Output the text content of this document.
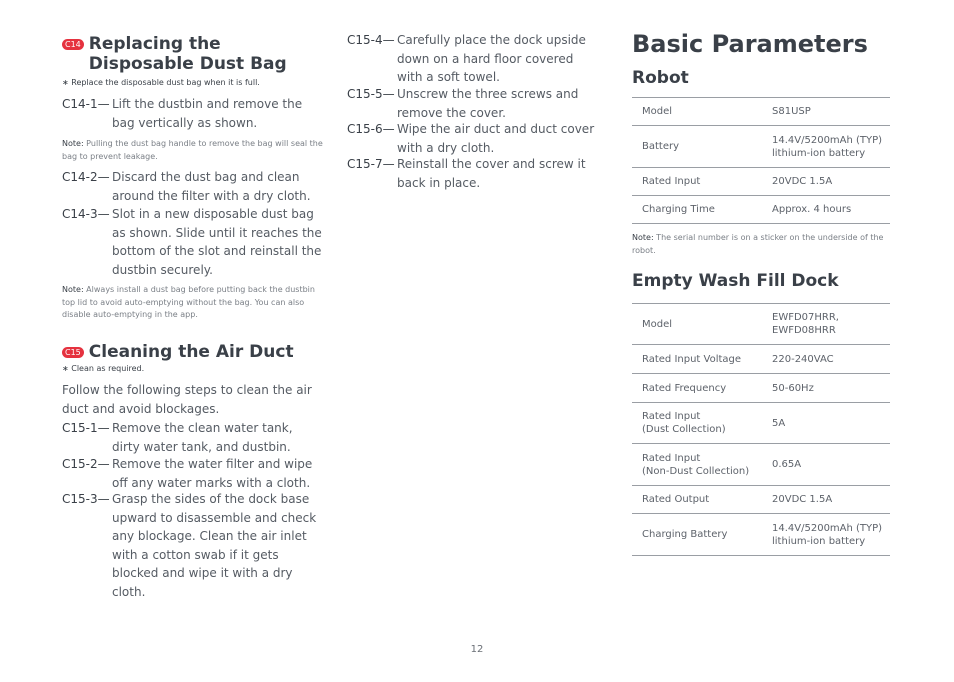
C14 Replacing the Disposable Dust Bag
∗ Replace the disposable dust bag when it is full.
C14-1— Lift the dustbin and remove the bag vertically as shown.
Note: Pulling the dust bag handle to remove the bag will seal the bag to prevent leakage.
C14-2— Discard the dust bag and clean around the filter with a dry cloth.
C14-3— Slot in a new disposable dust bag as shown. Slide until it reaches the bottom of the slot and reinstall the dustbin securely.
Note: Always install a dust bag before putting back the dustbin top lid to avoid auto-emptying without the bag. You can also disable auto-emptying in the app.
C15 Cleaning the Air Duct
∗ Clean as required.
Follow the following steps to clean the air duct and avoid blockages.
C15-1— Remove the clean water tank, dirty water tank, and dustbin.
C15-2— Remove the water filter and wipe off any water marks with a cloth.
C15-3— Grasp the sides of the dock base upward to disassemble and check any blockage. Clean the air inlet with a cotton swab if it gets blocked and wipe it with a dry cloth.
C15-4— Carefully place the dock upside down on a hard floor covered with a soft towel.
C15-5— Unscrew the three screws and remove the cover.
C15-6— Wipe the air duct and duct cover with a dry cloth.
C15-7— Reinstall the cover and screw it back in place.
Basic Parameters
Robot
Model	S81USP
Battery	14.4V/5200mAh (TYP)
lithium-ion battery
Rated Input	20VDC 1.5A
Charging Time	Approx. 4 hours
Note: The serial number is on a sticker on the underside of the robot.
Empty Wash Fill Dock
Model	EWFD07HRR,
EWFD08HRR
Rated Input Voltage	220-240VAC
Rated Frequency	50-60Hz
Rated Input
(Dust Collection)	5A
Rated Input
(Non-Dust Collection)	0.65A
Rated Output	20VDC 1.5A
Charging Battery	14.4V/5200mAh (TYP)
lithium-ion battery
12
